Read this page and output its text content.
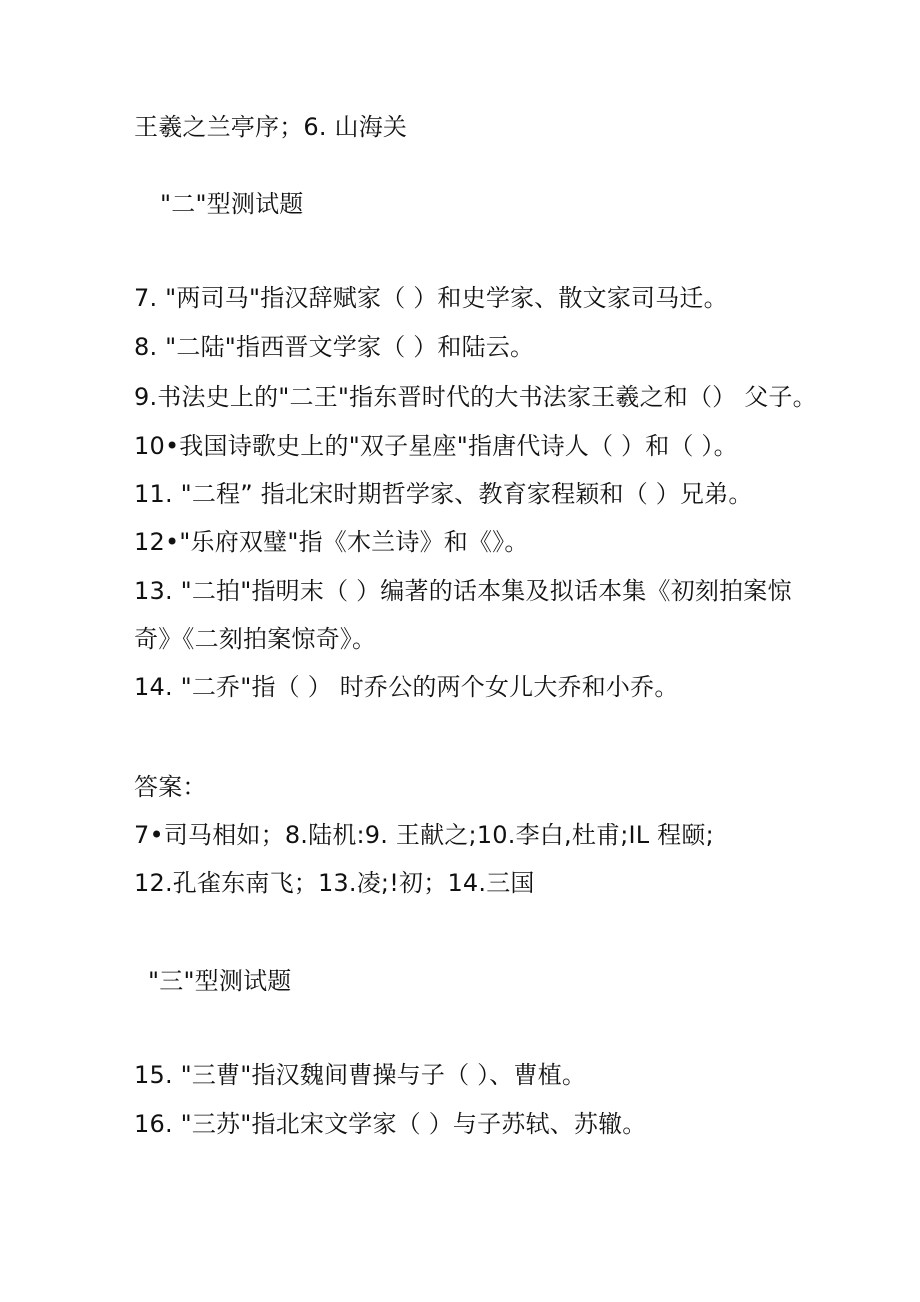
王羲之兰亭序；6. 山海关
"二"型测试题
7. "两司马"指汉辞赋家（ ）和史学家、散文家司马迁。
8. "二陆"指西晋文学家（ ）和陆云。
9.书法史上的"二王"指东晋时代的大书法家王羲之和（） 父子。
10•我国诗歌史上的"双子星座"指唐代诗人（ ）和（ ）。
11. "二程” 指北宋时期哲学家、教育家程颖和（ ）兄弟。
12•"乐府双璧"指《木兰诗》和《》。
13. "二拍"指明末（ ）编著的话本集及拟话本集《初刻拍案惊
奇》《二刻拍案惊奇》。
14. "二乔"指（ ） 时乔公的两个女儿大乔和小乔。
答案：
7•司马相如；8.陆机:9. 王献之;10.李白,杜甫;IL 程颐;
12.孔雀东南飞；13.凌;!初；14.三国
"三"型测试题
15. "三曹"指汉魏间曹操与子（ ）、曹植。
16. "三苏"指北宋文学家（ ）与子苏轼、苏辙。
